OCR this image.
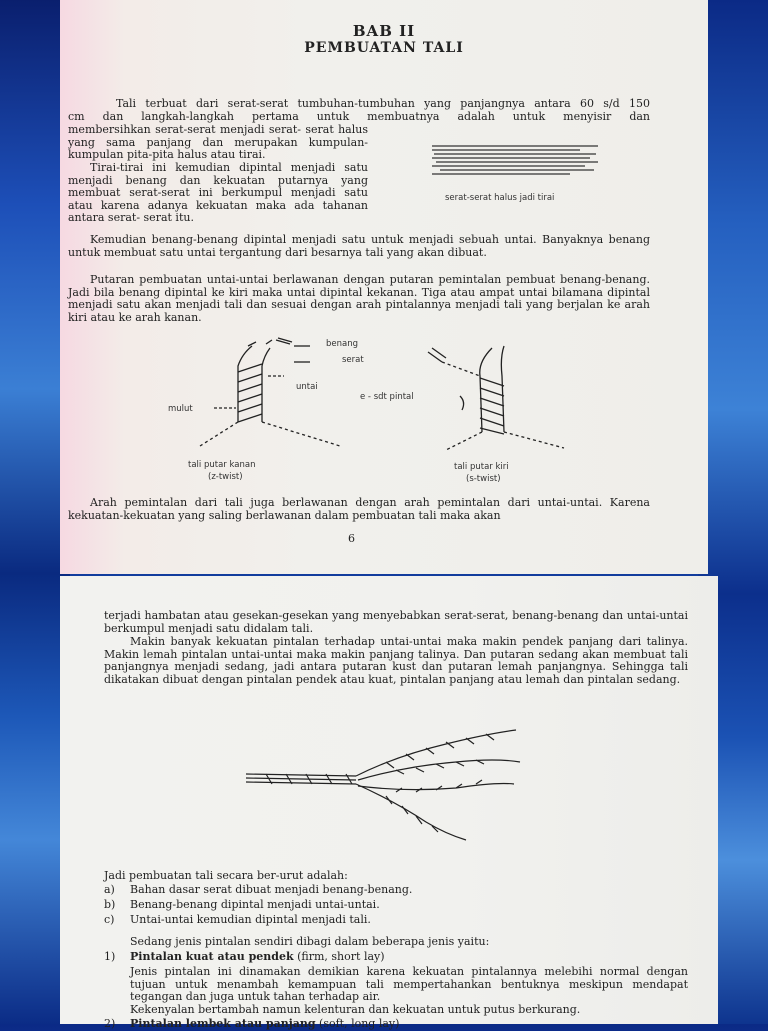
BAB II
PEMBUATAN TALI
Tali terbuat dari serat-serat tumbuhan-tumbuhan yang panjangnya antara 60 s/d 150
cm dan langkah-langkah pertama untuk membuatnya adalah untuk menyisir dan
membersihkan serat-serat menjadi serat- serat halus yang sama panjang dan merupakan kumpulan-kumpulan pita-pita halus atau tirai.
Tirai-tirai ini kemudian dipintal menjadi satu menjadi benang dan kekuatan putarnya yang membuat serat-serat ini berkumpul menjadi satu atau karena adanya kekuatan maka ada tahanan antara serat- serat itu.
serat-serat halus jadi tirai
Kemudian benang-benang dipintal menjadi satu untuk menjadi sebuah untai. Banyaknya benang untuk membuat satu untai tergantung dari besarnya tali yang akan dibuat.
Putaran pembuatan untai-untai berlawanan dengan putaran pemintalan pembuat benang-benang. Jadi bila benang dipintal ke kiri maka untai dipintal kekanan. Tiga atau ampat untai bilamana dipintal menjadi satu akan menjadi tali dan sesuai dengan arah pintalannya menjadi tali yang berjalan ke arah kiri atau ke arah kanan.
benang
serat
untai
mulut
e - sdt pintal
tali putar kanan
(z-twist)
tali putar kiri
(s-twist)
Arah pemintalan dari tali juga berlawanan dengan arah pemintalan dari untai-untai. Karena kekuatan-kekuatan yang saling berlawanan dalam pembuatan tali maka akan
6
terjadi hambatan atau gesekan-gesekan yang menyebabkan serat-serat, benang-benang dan untai-untai berkumpul menjadi satu didalam tali.
Makin banyak kekuatan pintalan terhadap untai-untai maka makin pendek panjang dari talinya. Makin lemah pintalan untai-untai maka makin panjang talinya. Dan putaran sedang akan membuat tali panjangnya menjadi sedang, jadi antara putaran kust dan putaran lemah panjangnya. Sehingga tali dikatakan dibuat dengan pintalan pendek atau kuat, pintalan panjang atau lemah dan pintalan sedang.
Jadi pembuatan tali secara ber-urut adalah:
a) Bahan dasar serat dibuat menjadi benang-benang.
b) Benang-benang dipintal menjadi untai-untai.
c) Untai-untai kemudian dipintal menjadi tali.
Sedang jenis pintalan sendiri dibagi dalam beberapa jenis yaitu:
1) Pintalan kuat atau pendek (firm, short lay)
Jenis pintalan ini dinamakan demikian karena kekuatan pintalannya melebihi normal dengan tujuan untuk menambah kemampuan tali mempertahankan bentuknya meskipun mendapat tegangan dan juga untuk tahan terhadap air.
Kekenyalan bertambah namun kelenturan dan kekuatan untuk putus berkurang.
2) Pintalan lembek atau panjang (soft, long lay)
